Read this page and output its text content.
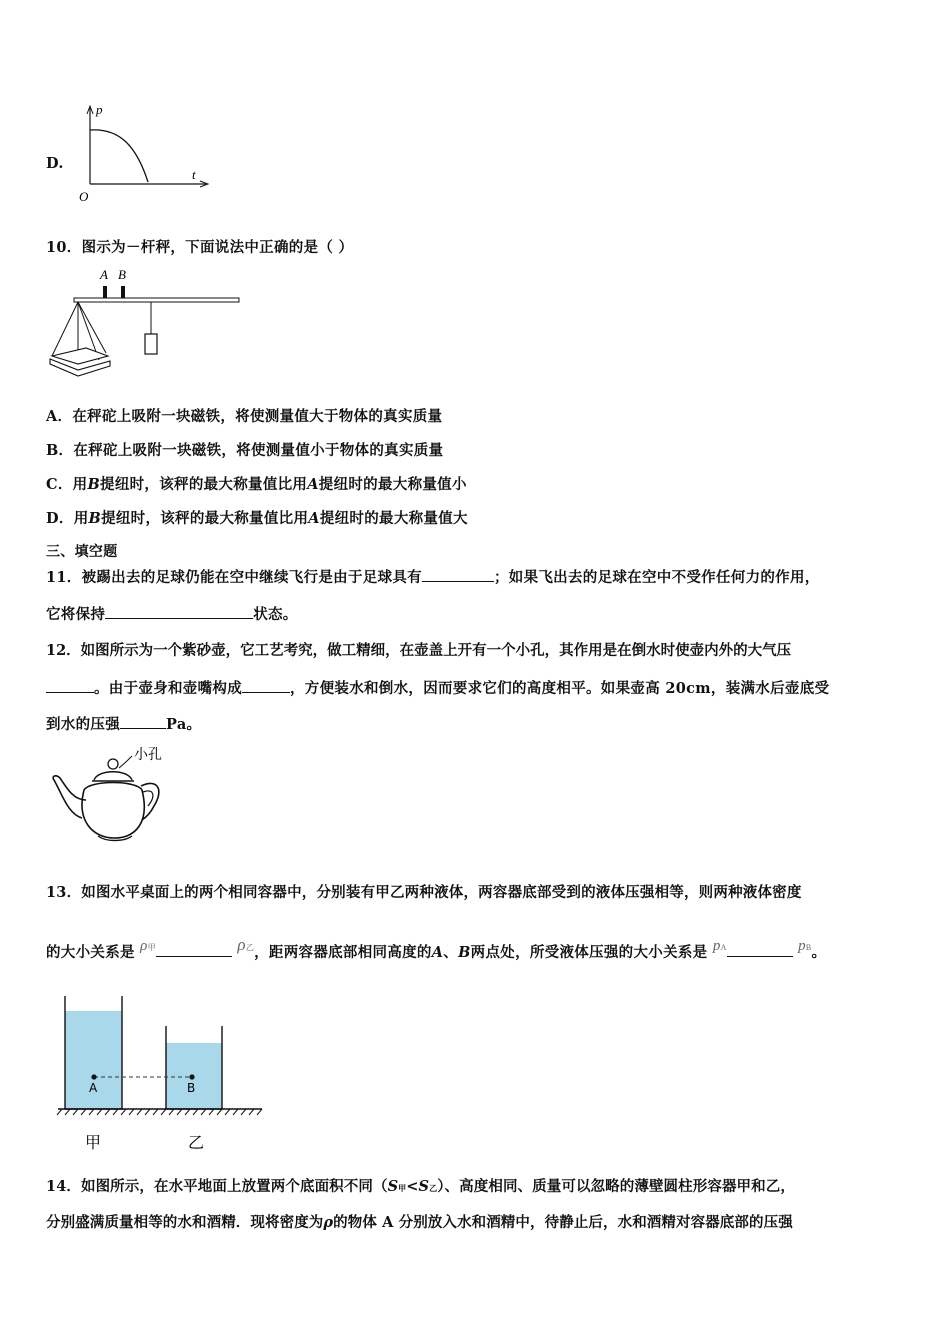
D.
p
t
O
10．图示为－杆秤，下面说法中正确的是（ ）
A B
A．在秤砣上吸附一块磁铁，将使测量值大于物体的真实质量
B．在秤砣上吸附一块磁铁，将使测量值小于物体的真实质量
C．用B提纽时，该秤的最大称量值比用A提纽时的最大称量值小
D．用B提纽时，该秤的最大称量值比用A提纽时的最大称量值大
三、填空题
11．被踢出去的足球仍能在空中继续飞行是由于足球具有	；如果飞出去的足球在空中不受作任何力的作用，
它将保持	状态。
12．如图所示为一个紫砂壶，它工艺考究，做工精细，在壶盖上开有一个小孔，其作用是在倒水时使壶内外的大气压
。由于壶身和壶嘴构成	，方便装水和倒水，因而要求它们的高度相平。如果壶高 20cm，装满水后壶底受
到水的压强	Pa。
小孔
13．如图水平桌面上的两个相同容器中，分别装有甲乙两种液体，两容器底部受到的液体压强相等，则两种液体密度
的大小关系是 ρ甲	ρ乙，距两容器底部相同高度的A、B两点处，所受液体压强的大小关系是 pA	pB。
A	B
甲	乙
14．如图所示，在水平地面上放置两个底面积不同（S甲<S乙）、高度相同、质量可以忽略的薄壁圆柱形容器甲和乙，
分别盛满质量相等的水和酒精．现将密度为ρ的物体 A 分别放入水和酒精中，待静止后，水和酒精对容器底部的压强
